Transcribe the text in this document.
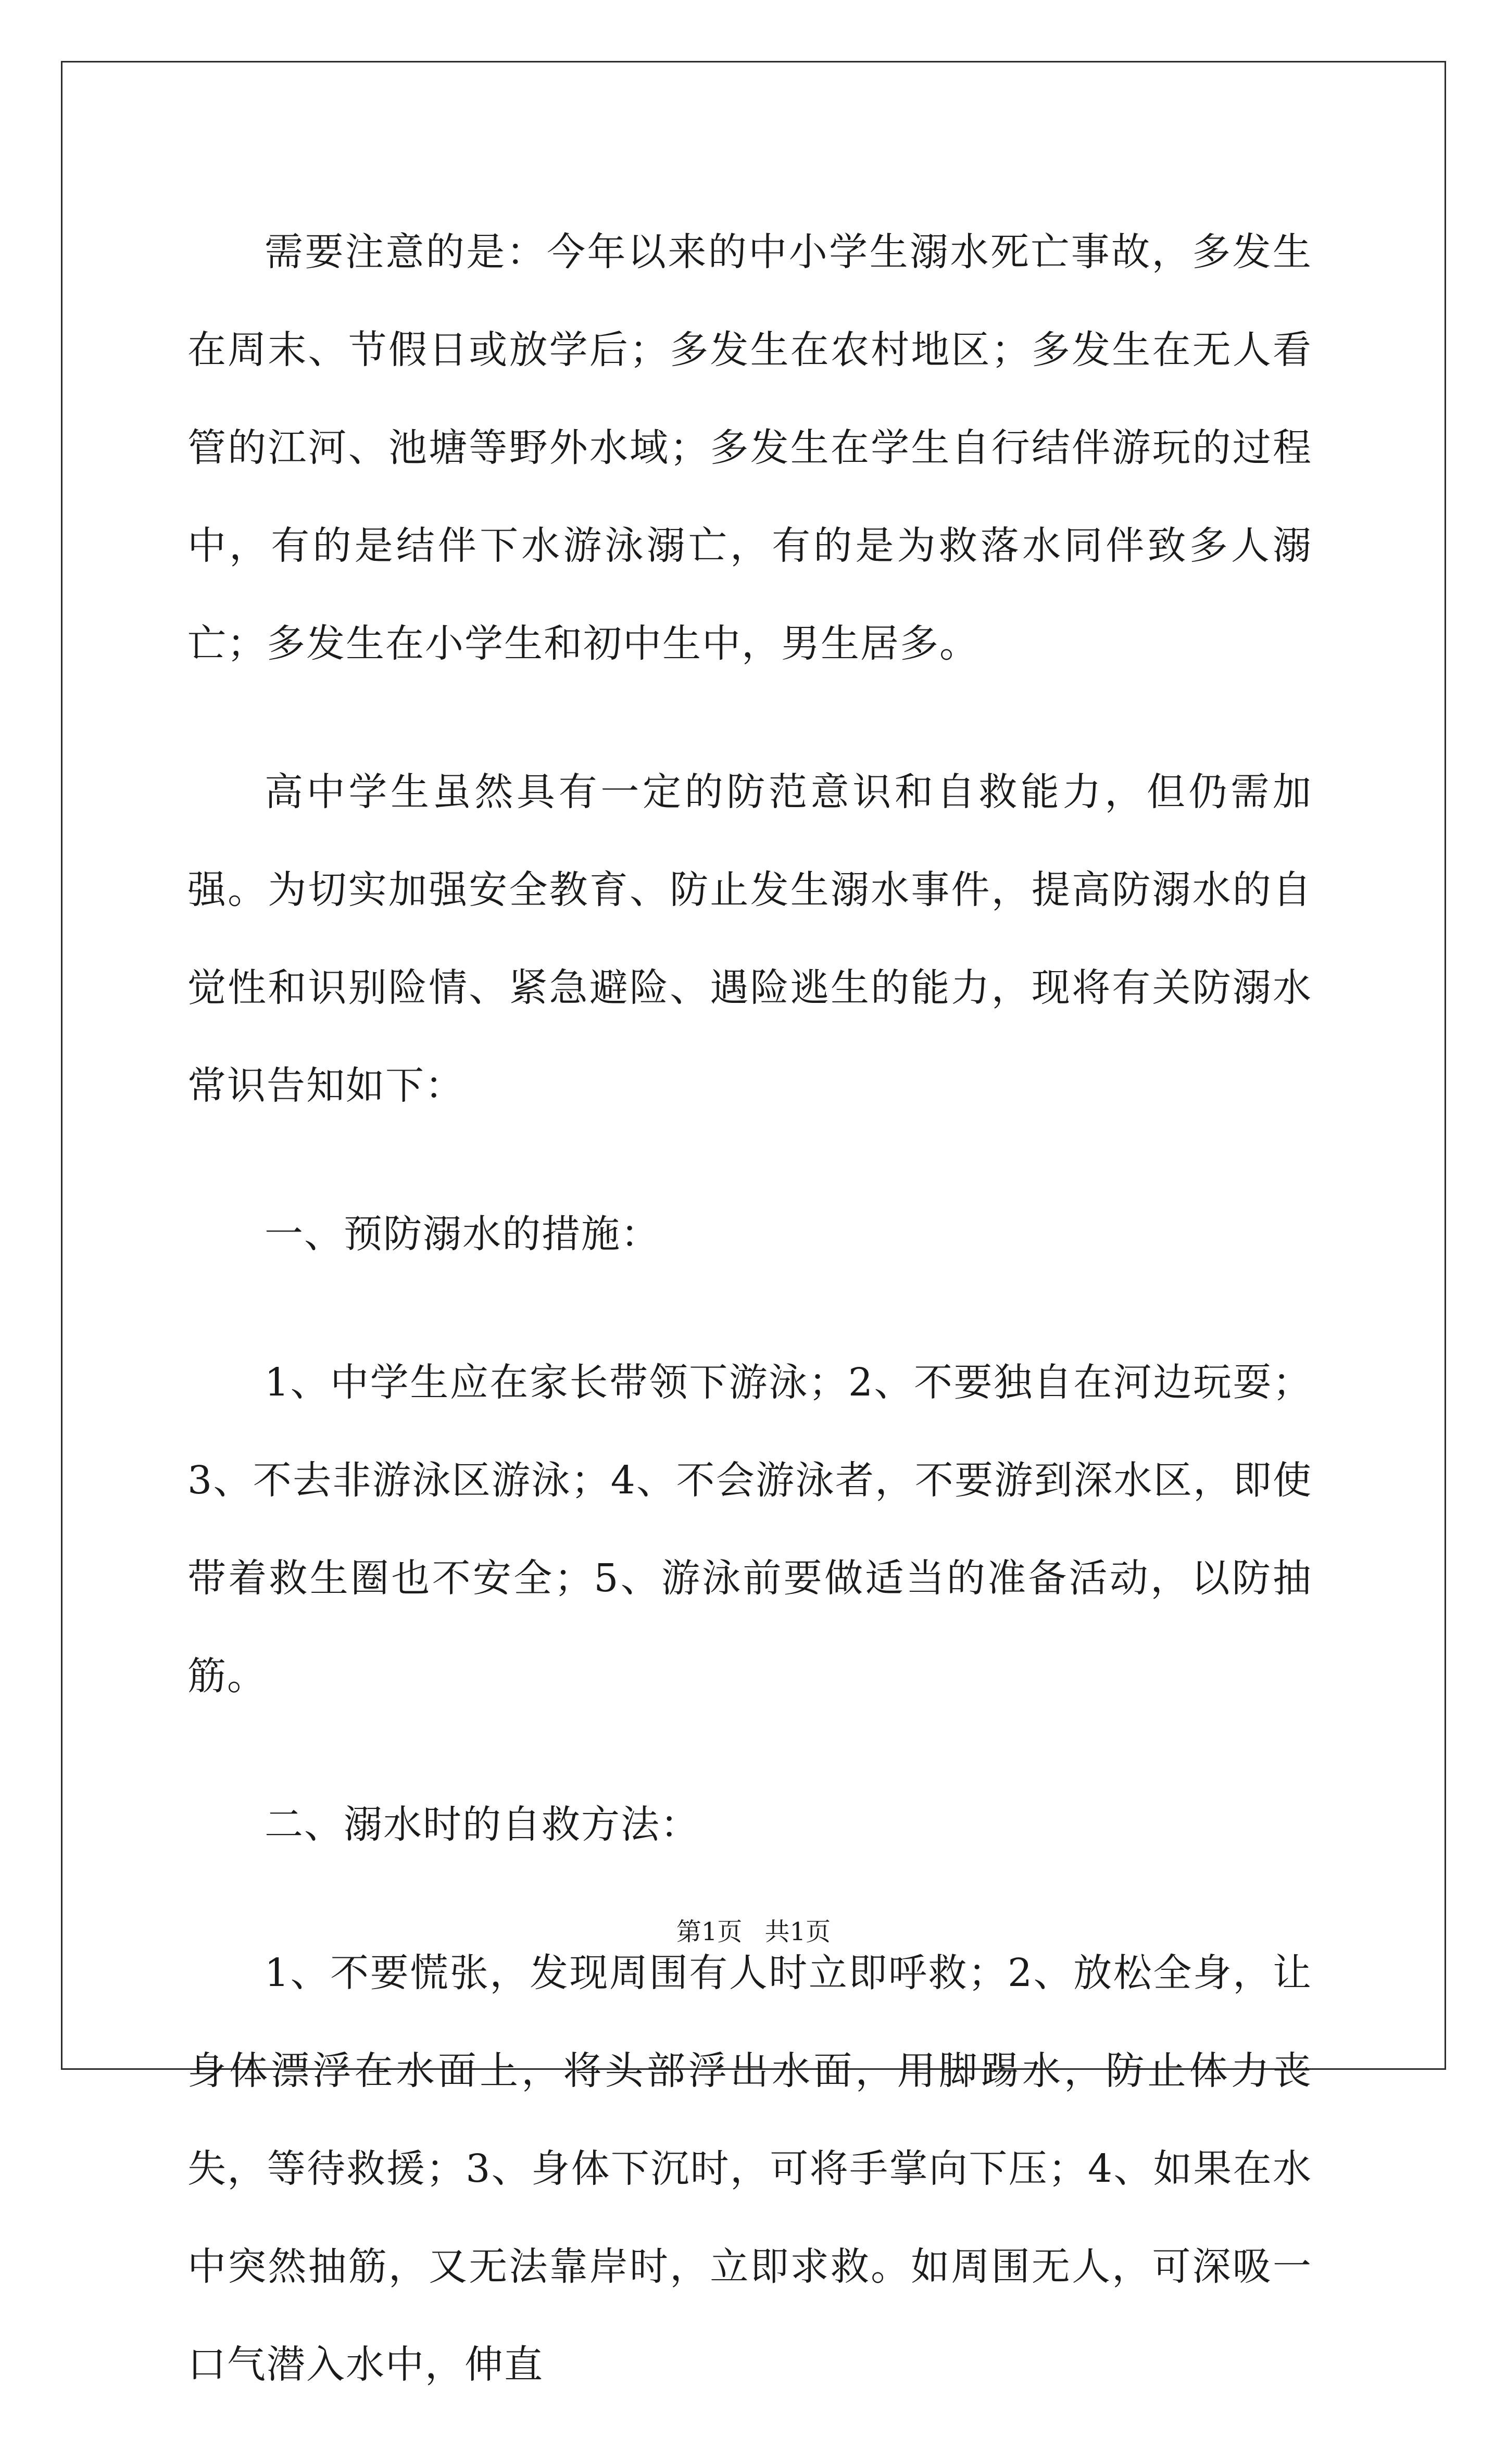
需要注意的是：今年以来的中小学生溺水死亡事故，多发生在周末、节假日或放学后；多发生在农村地区；多发生在无人看管的江河、池塘等野外水域；多发生在学生自行结伴游玩的过程中，有的是结伴下水游泳溺亡，有的是为救落水同伴致多人溺亡；多发生在小学生和初中生中，男生居多。

高中学生虽然具有一定的防范意识和自救能力，但仍需加强。为切实加强安全教育、防止发生溺水事件，提高防溺水的自觉性和识别险情、紧急避险、遇险逃生的能力，现将有关防溺水常识告知如下：

一、预防溺水的措施：

1、中学生应在家长带领下游泳；2、不要独自在河边玩耍；3、不去非游泳区游泳；4、不会游泳者，不要游到深水区，即使带着救生圈也不安全；5、游泳前要做适当的准备活动，以防抽筋。

二、溺水时的自救方法：

1、不要慌张，发现周围有人时立即呼救；2、放松全身，让身体漂浮在水面上，将头部浮出水面，用脚踢水，防止体力丧失，等待救援；3、身体下沉时，可将手掌向下压；4、如果在水中突然抽筋，又无法靠岸时，立即求救。如周围无人，可深吸一口气潜入水中，伸直

第1页 共1页
